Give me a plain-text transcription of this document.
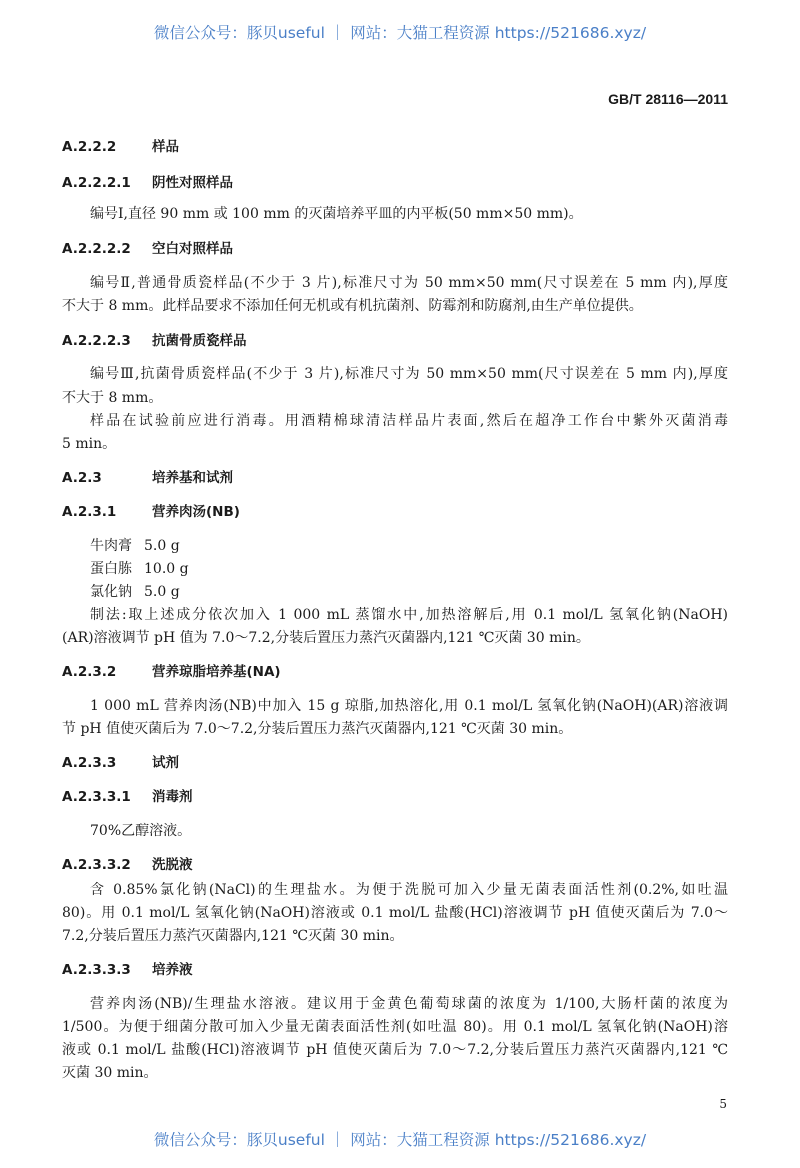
微信公众号：豚贝useful ｜ 网站：大猫工程资源 https://521686.xyz/
GB/T 28116—2011
A.2.2.2	样品
A.2.2.2.1 阴性对照样品
编号Ⅰ,直径 90 mm 或 100 mm 的灭菌培养平皿的内平板(50 mm×50 mm)。
A.2.2.2.2 空白对照样品
编号Ⅱ,普通骨质瓷样品(不少于 3 片),标准尺寸为 50 mm×50 mm(尺寸误差在 5 mm 内),厚度
不大于 8 mm。此样品要求不添加任何无机或有机抗菌剂、防霉剂和防腐剂,由生产单位提供。
A.2.2.2.3 抗菌骨质瓷样品
编号Ⅲ,抗菌骨质瓷样品(不少于 3 片),标准尺寸为 50 mm×50 mm(尺寸误差在 5 mm 内),厚度
不大于 8 mm。
样品在试验前应进行消毒。用酒精棉球清洁样品片表面,然后在超净工作台中紫外灭菌消毒
5 min。
A.2.3	培养基和试剂
A.2.3.1	营养肉汤(NB)
牛肉膏 5.0 g
蛋白胨 10.0 g
氯化钠 5.0 g
制法:取上述成分依次加入 1 000 mL 蒸馏水中,加热溶解后,用 0.1 mol/L 氢氧化钠(NaOH)
(AR)溶液调节 pH 值为 7.0～7.2,分装后置压力蒸汽灭菌器内,121 ℃灭菌 30 min。
A.2.3.2	营养琼脂培养基(NA)
1 000 mL 营养肉汤(NB)中加入 15 g 琼脂,加热溶化,用 0.1 mol/L 氢氧化钠(NaOH)(AR)溶液调
节 pH 值使灭菌后为 7.0～7.2,分装后置压力蒸汽灭菌器内,121 ℃灭菌 30 min。
A.2.3.3	试剂
A.2.3.3.1 消毒剂
70%乙醇溶液。
A.2.3.3.2 洗脱液
含 0.85%氯化钠(NaCl)的生理盐水。为便于洗脱可加入少量无菌表面活性剂(0.2%,如吐温
80)。用 0.1 mol/L 氢氧化钠(NaOH)溶液或 0.1 mol/L 盐酸(HCl)溶液调节 pH 值使灭菌后为 7.0～
7.2,分装后置压力蒸汽灭菌器内,121 ℃灭菌 30 min。
A.2.3.3.3 培养液
营养肉汤(NB)/生理盐水溶液。建议用于金黄色葡萄球菌的浓度为 1/100,大肠杆菌的浓度为
1/500。为便于细菌分散可加入少量无菌表面活性剂(如吐温 80)。用 0.1 mol/L 氢氧化钠(NaOH)溶
液或 0.1 mol/L 盐酸(HCl)溶液调节 pH 值使灭菌后为 7.0～7.2,分装后置压力蒸汽灭菌器内,121 ℃
灭菌 30 min。
5
微信公众号：豚贝useful ｜ 网站：大猫工程资源 https://521686.xyz/
